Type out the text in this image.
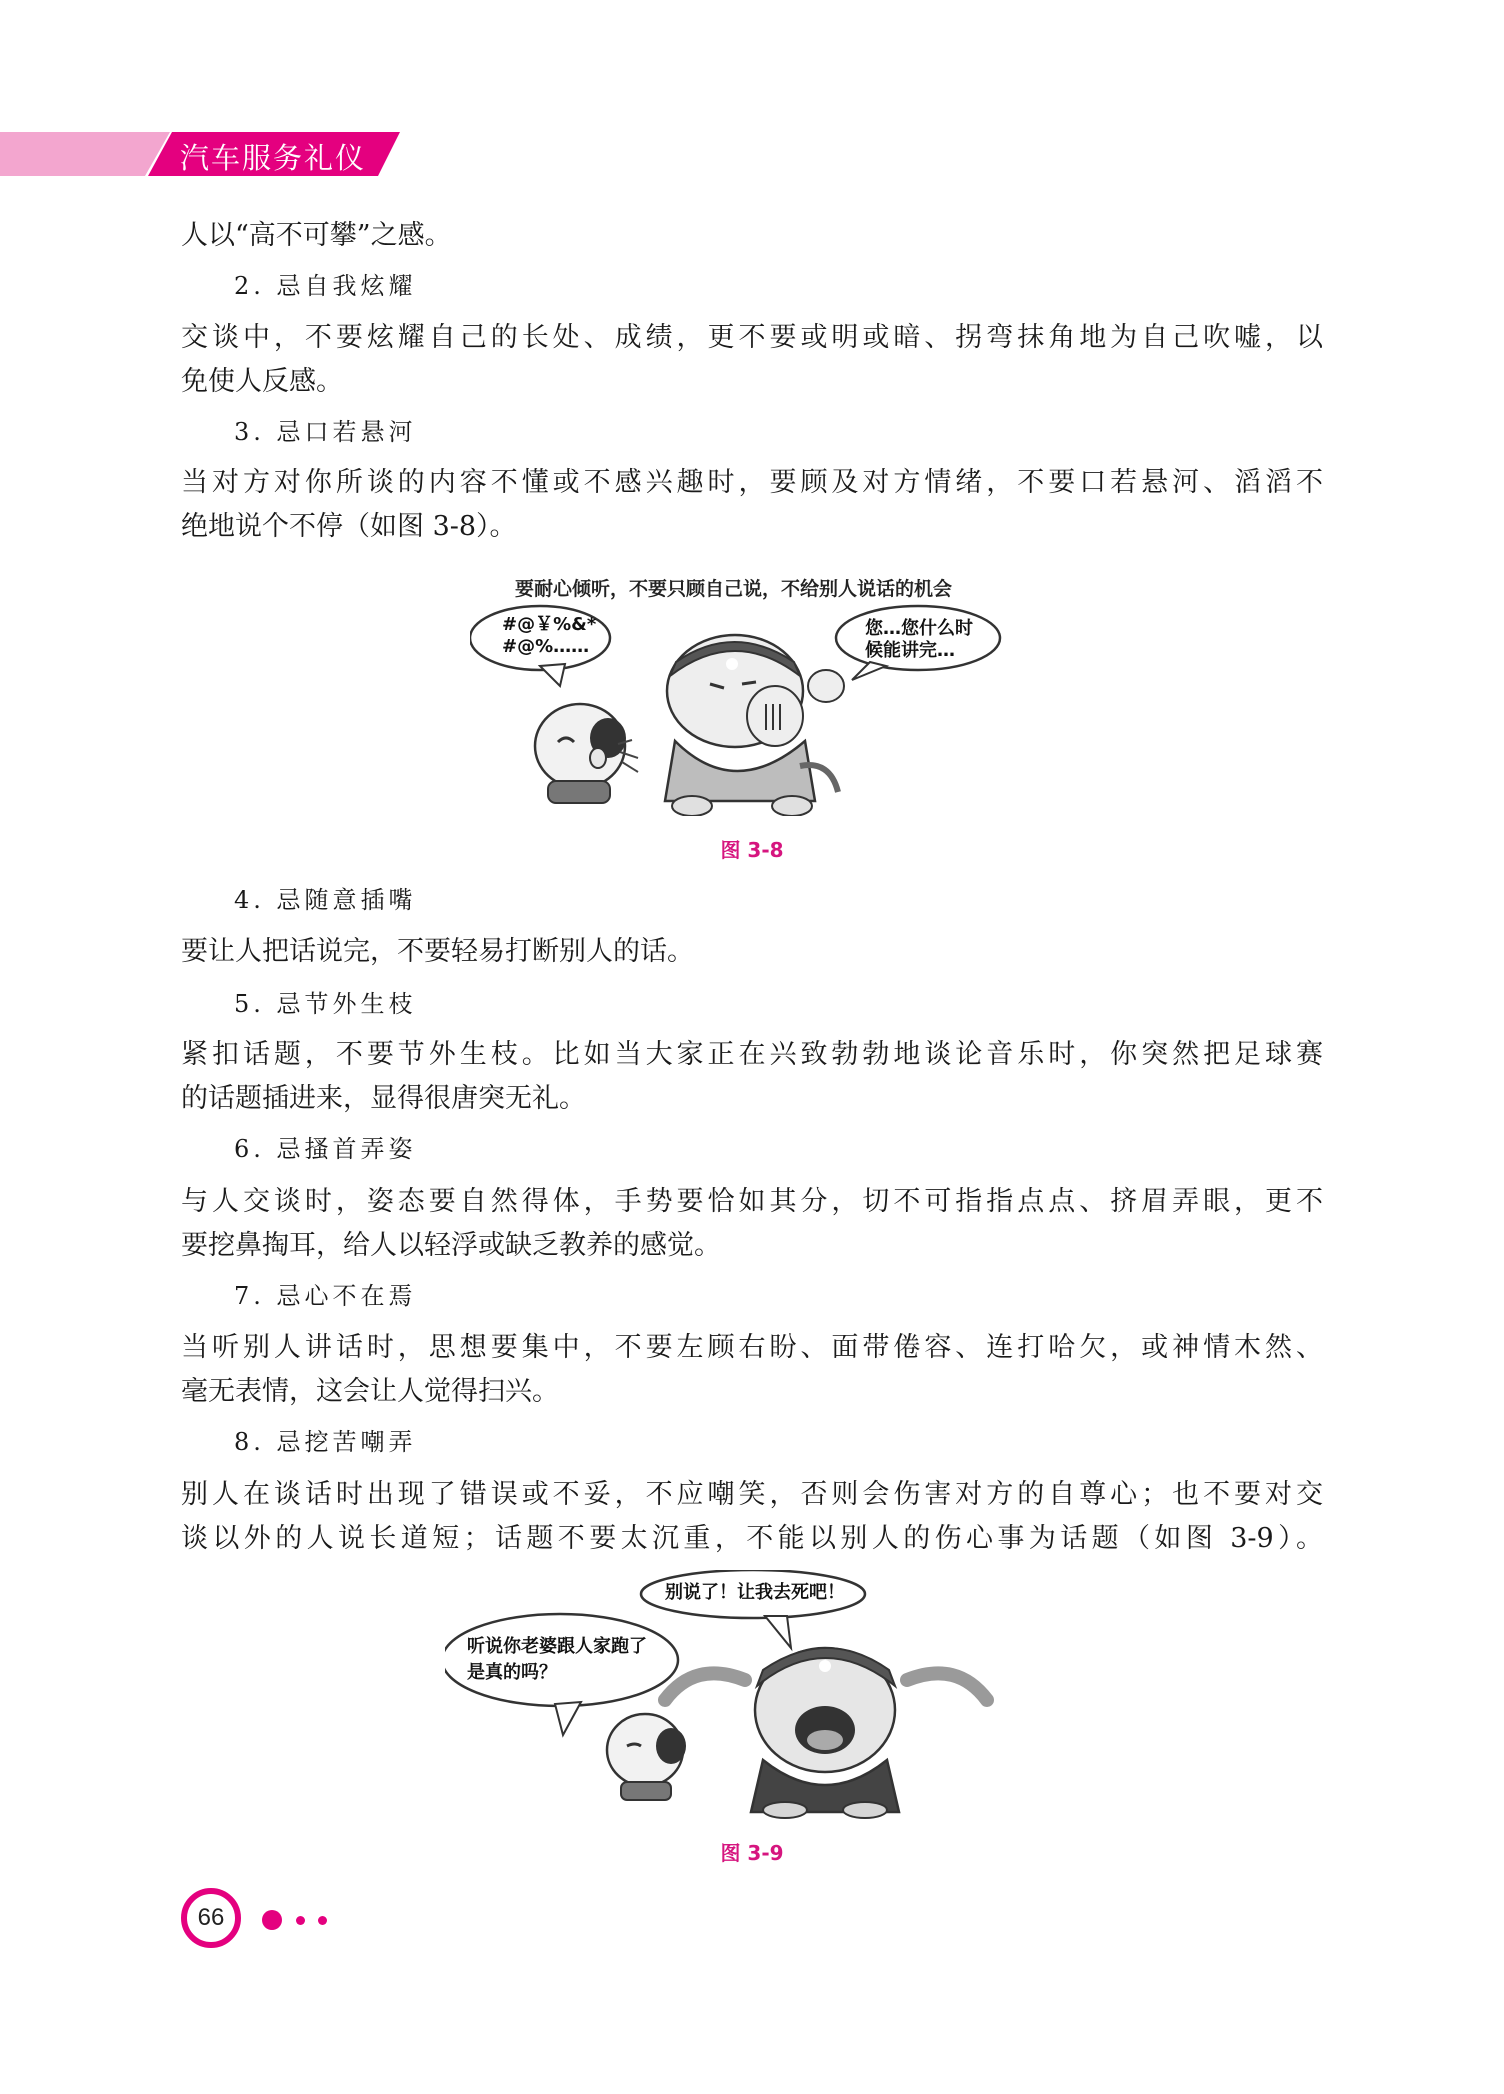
汽车服务礼仪
人以“高不可攀”之感。
2. 忌自我炫耀
交谈中，不要炫耀自己的长处、成绩，更不要或明或暗、拐弯抹角地为自己吹嘘，以
免使人反感。
3. 忌口若悬河
当对方对你所谈的内容不懂或不感兴趣时，要顾及对方情绪，不要口若悬河、滔滔不
绝地说个不停（如图 3-8）。
要耐心倾听，不要只顾自己说，不给别人说话的机会
#@￥%&*
#@%……
您…您什么时
候能讲完…
图 3-8
4. 忌随意插嘴
要让人把话说完，不要轻易打断别人的话。
5. 忌节外生枝
紧扣话题，不要节外生枝。比如当大家正在兴致勃勃地谈论音乐时，你突然把足球赛
的话题插进来，显得很唐突无礼。
6. 忌搔首弄姿
与人交谈时，姿态要自然得体，手势要恰如其分，切不可指指点点、挤眉弄眼，更不
要挖鼻掏耳，给人以轻浮或缺乏教养的感觉。
7. 忌心不在焉
当听别人讲话时，思想要集中，不要左顾右盼、面带倦容、连打哈欠，或神情木然、
毫无表情，这会让人觉得扫兴。
8. 忌挖苦嘲弄
别人在谈话时出现了错误或不妥，不应嘲笑，否则会伤害对方的自尊心；也不要对交
谈以外的人说长道短；话题不要太沉重，不能以别人的伤心事为话题（如图 3-9）。
别说了！让我去死吧！
听说你老婆跟人家跑了
是真的吗？
图 3-9
66
